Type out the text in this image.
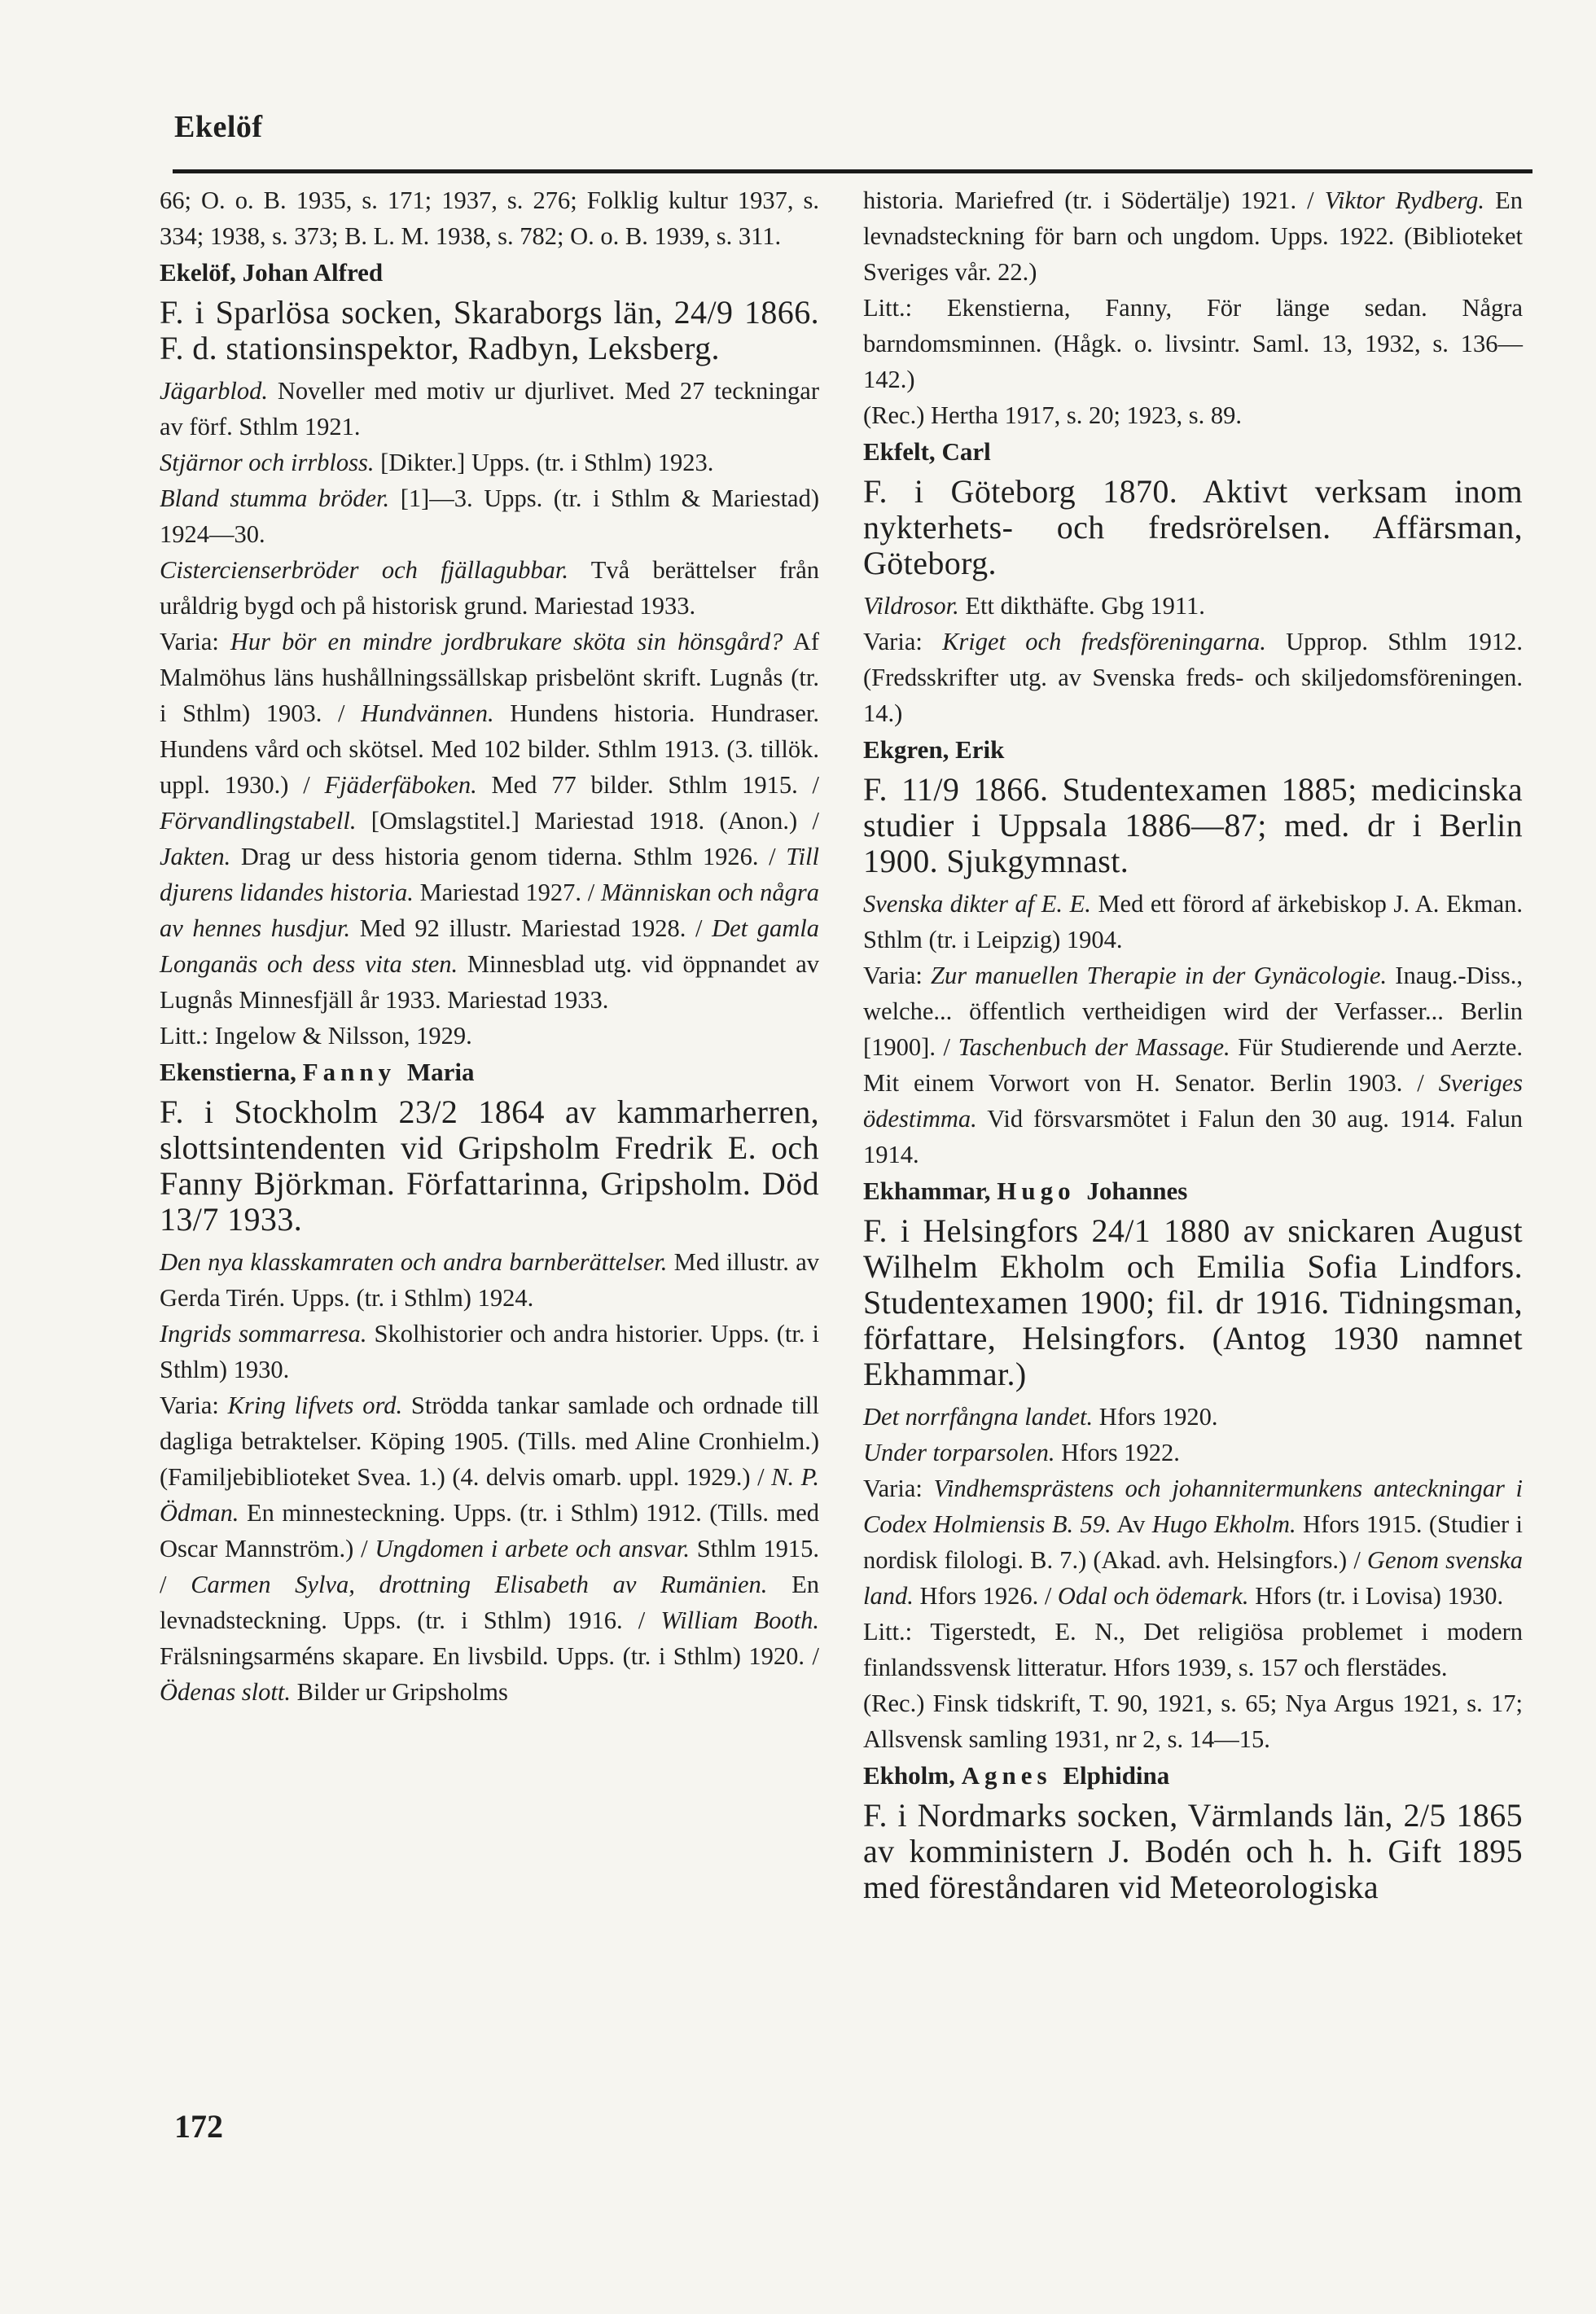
Ekelöf

66; O. o. B. 1935, s. 171; 1937, s. 276; Folklig kultur 1937, s. 334; 1938, s. 373; B. L. M. 1938, s. 782; O. o. B. 1939, s. 311.

Ekelöf, Johan Alfred

F. i Sparlösa socken, Skaraborgs län, 24/9 1866. F. d. stationsinspektor, Radbyn, Leksberg.

Jägarblod. Noveller med motiv ur djurlivet. Med 27 teckningar av förf. Sthlm 1921.

Stjärnor och irrbloss. [Dikter.] Upps. (tr. i Sthlm) 1923.

Bland stumma bröder. [1]—3. Upps. (tr. i Sthlm & Mariestad) 1924—30.

Cistercienserbröder och fjällagubbar. Två berättelser från uråldrig bygd och på historisk grund. Mariestad 1933.

Varia: Hur bör en mindre jordbrukare sköta sin hönsgård? Af Malmöhus läns hushållningssällskap prisbelönt skrift. Lugnås (tr. i Sthlm) 1903. / Hundvännen. Hundens historia. Hundraser. Hundens vård och skötsel. Med 102 bilder. Sthlm 1913. (3. tillök. uppl. 1930.) / Fjäderfäboken. Med 77 bilder. Sthlm 1915. / Förvandlingstabell. [Omslagstitel.] Mariestad 1918. (Anon.) / Jakten. Drag ur dess historia genom tiderna. Sthlm 1926. / Till djurens lidandes historia. Mariestad 1927. / Människan och några av hennes husdjur. Med 92 illustr. Mariestad 1928. / Det gamla Longanäs och dess vita sten. Minnesblad utg. vid öppnandet av Lugnås Minnesfjäll år 1933. Mariestad 1933.

Litt.: Ingelow & Nilsson, 1929.

Ekenstierna, Fanny Maria

F. i Stockholm 23/2 1864 av kammarherren, slottsintendenten vid Gripsholm Fredrik E. och Fanny Björkman. Författarinna, Gripsholm. Död 13/7 1933.

Den nya klasskamraten och andra barnberättelser. Med illustr. av Gerda Tirén. Upps. (tr. i Sthlm) 1924.

Ingrids sommarresa. Skolhistorier och andra historier. Upps. (tr. i Sthlm) 1930.

Varia: Kring lifvets ord. Strödda tankar samlade och ordnade till dagliga betraktelser. Köping 1905. (Tills. med Aline Cronhielm.) (Familjebiblioteket Svea. 1.) (4. delvis omarb. uppl. 1929.) / N. P. Ödman. En minnesteckning. Upps. (tr. i Sthlm) 1912. (Tills. med Oscar Mannström.) / Ungdomen i arbete och ansvar. Sthlm 1915. / Carmen Sylva, drottning Elisabeth av Rumänien. En levnadsteckning. Upps. (tr. i Sthlm) 1916. / William Booth. Frälsningsarméns skapare. En livsbild. Upps. (tr. i Sthlm) 1920. / Ödenas slott. Bilder ur Gripsholms

historia. Mariefred (tr. i Södertälje) 1921. / Viktor Rydberg. En levnadsteckning för barn och ungdom. Upps. 1922. (Biblioteket Sveriges vår. 22.)

Litt.: Ekenstierna, Fanny, För länge sedan. Några barndomsminnen. (Hågk. o. livsintr. Saml. 13, 1932, s. 136—142.)

(Rec.) Hertha 1917, s. 20; 1923, s. 89.

Ekfelt, Carl

F. i Göteborg 1870. Aktivt verksam inom nykterhets- och fredsrörelsen. Affärsman, Göteborg.

Vildrosor. Ett dikthäfte. Gbg 1911.

Varia: Kriget och fredsföreningarna. Upprop. Sthlm 1912. (Fredsskrifter utg. av Svenska freds- och skiljedomsföreningen. 14.)

Ekgren, Erik

F. 11/9 1866. Studentexamen 1885; medicinska studier i Uppsala 1886—87; med. dr i Berlin 1900. Sjukgymnast.

Svenska dikter af E. E. Med ett förord af ärkebiskop J. A. Ekman. Sthlm (tr. i Leipzig) 1904.

Varia: Zur manuellen Therapie in der Gynäcologie. Inaug.-Diss., welche... öffentlich vertheidigen wird der Verfasser... Berlin [1900]. / Taschenbuch der Massage. Für Studierende und Aerzte. Mit einem Vorwort von H. Senator. Berlin 1903. / Sveriges ödestimma. Vid försvarsmötet i Falun den 30 aug. 1914. Falun 1914.

Ekhammar, Hugo Johannes

F. i Helsingfors 24/1 1880 av snickaren August Wilhelm Ekholm och Emilia Sofia Lindfors. Studentexamen 1900; fil. dr 1916. Tidningsman, författare, Helsingfors. (Antog 1930 namnet Ekhammar.)

Det norrfångna landet. Hfors 1920.

Under torparsolen. Hfors 1922.

Varia: Vindhemsprästens och johannitermunkens anteckningar i Codex Holmiensis B. 59. Av Hugo Ekholm. Hfors 1915. (Studier i nordisk filologi. B. 7.) (Akad. avh. Helsingfors.) / Genom svenska land. Hfors 1926. / Odal och ödemark. Hfors (tr. i Lovisa) 1930.

Litt.: Tigerstedt, E. N., Det religiösa problemet i modern finlandssvensk litteratur. Hfors 1939, s. 157 och flerstädes.

(Rec.) Finsk tidskrift, T. 90, 1921, s. 65; Nya Argus 1921, s. 17; Allsvensk samling 1931, nr 2, s. 14—15.

Ekholm, Agnes Elphidina

F. i Nordmarks socken, Värmlands län, 2/5 1865 av komministern J. Bodén och h. h. Gift 1895 med föreståndaren vid Meteorologiska

172
